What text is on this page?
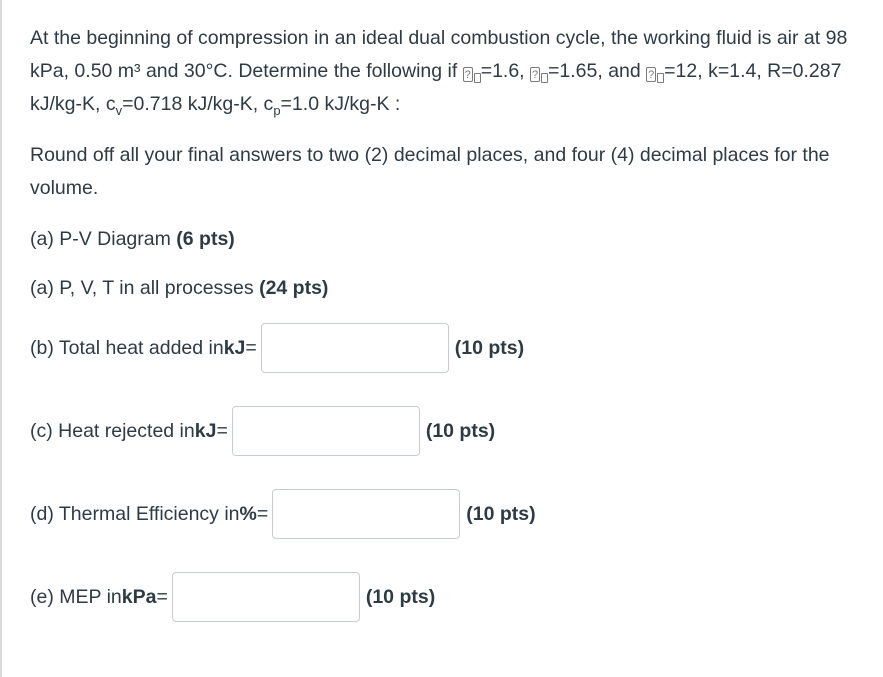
At the beginning of compression in an ideal dual combustion cycle, the working fluid is air at 98 kPa, 0.50 m³ and 30°C. Determine the following if ? =1.6, ? =1.65, and ? =12, k=1.4, R=0.287 kJ/kg-K, $c_v=0.718$ kJ/kg-K, $c_p=1.0$ kJ/kg-K :

Round off all your final answers to two (2) decimal places, and four (4) decimal places for the volume.

(a) P-V Diagram (6 pts)
(a) P, V, T in all processes (24 pts)
(b) Total heat added in kJ =	(10 pts)
(c) Heat rejected in kJ =	(10 pts)
(d) Thermal Efficiency in % =	(10 pts)
(e) MEP in kPa =	(10 pts)
